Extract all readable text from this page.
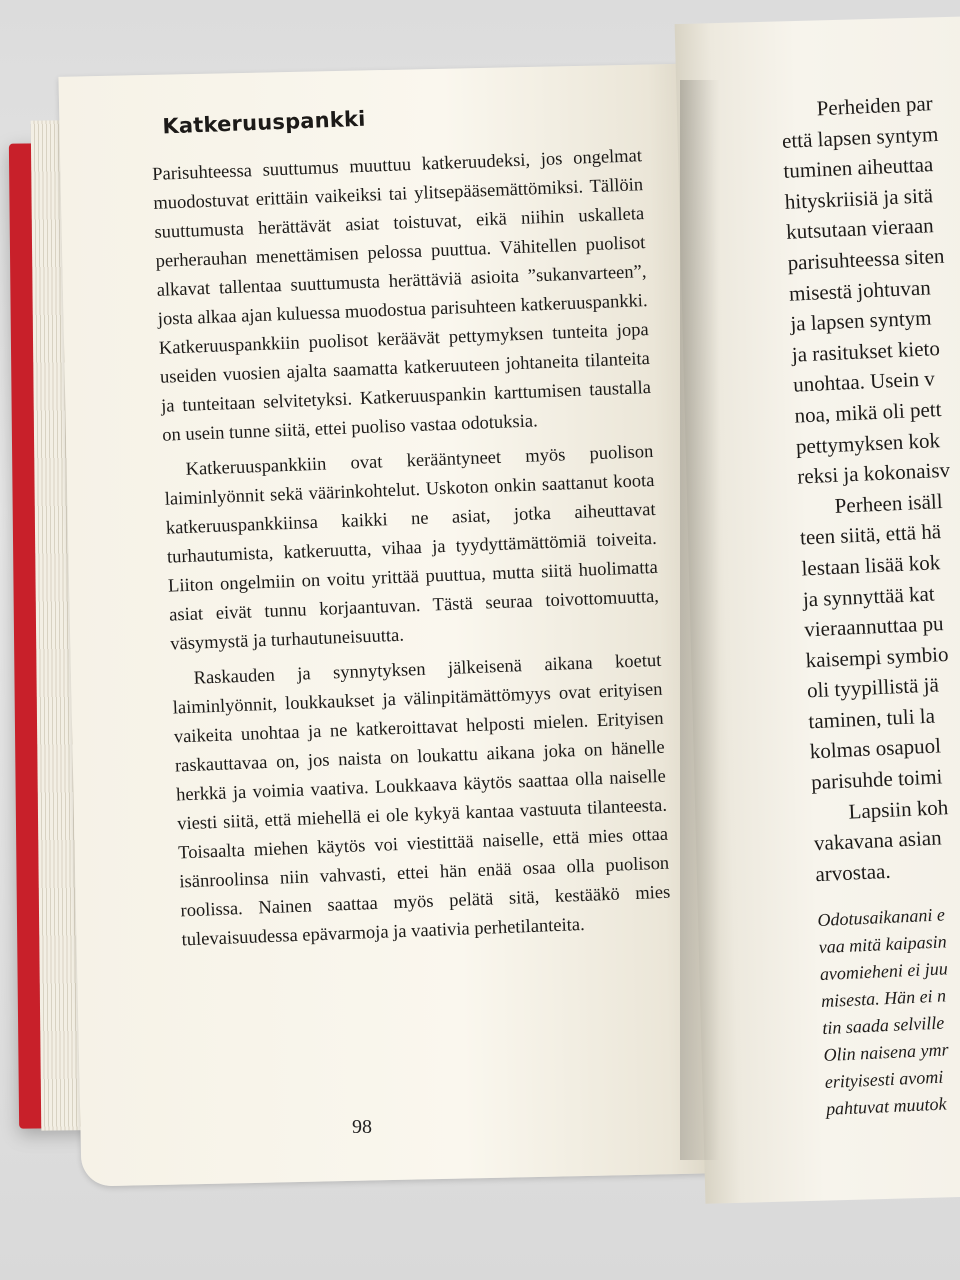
Katkeruuspankki

Parisuhteessa suuttumus muuttuu katkeruudeksi, jos ongelmat muodostuvat erittäin vaikeiksi tai ylitsepääsemättömiksi. Tällöin suuttumusta herättävät asiat toistuvat, eikä niihin uskalleta perherauhan menettämisen pelossa puuttua. Vähitellen puolisot alkavat tallentaa suuttumusta herättäviä asioita ”sukanvarteen”, josta alkaa ajan kuluessa muodostua parisuhteen katkeruuspankki. Katkeruuspankkiin puolisot keräävät pettymyksen tunteita jopa useiden vuosien ajalta saamatta katkeruuteen johtaneita tilanteita ja tunteitaan selvitetyksi. Katkeruuspankin karttumisen taustalla on usein tunne siitä, ettei puoliso vastaa odotuksia.

Katkeruuspankkiin ovat kerääntyneet myös puolison laiminlyönnit sekä väärinkohtelut. Uskoton onkin saattanut koota katkeruuspankkiinsa kaikki ne asiat, jotka aiheuttavat turhautumista, katkeruutta, vihaa ja tyydyttämättömiä toiveita. Liiton ongelmiin on voitu yrittää puuttua, mutta siitä huolimatta asiat eivät tunnu korjaantuvan. Tästä seuraa toivottomuutta, väsymystä ja turhautuneisuutta.

Raskauden ja synnytyksen jälkeisenä aikana koetut laiminlyönnit, loukkaukset ja välinpitämättömyys ovat erityisen vaikeita unohtaa ja ne katkeroittavat helposti mielen. Erityisen raskauttavaa on, jos naista on loukattu aikana joka on hänelle herkkä ja voimia vaativa. Loukkaava käytös saattaa olla naiselle viesti siitä, että miehellä ei ole kykyä kantaa vastuuta tilanteesta. Toisaalta miehen käytös voi viestittää naiselle, että mies ottaa isänroolinsa niin vahvasti, ettei hän enää osaa olla puolison roolissa. Nainen saattaa myös pelätä sitä, kestääkö mies tulevaisuudessa epävarmoja ja vaativia perhetilanteita.

98
Perheiden par
että lapsen syntym
tuminen aiheuttaa
hityskriisiä ja sitä
kutsutaan vieraan
parisuhteessa siten
misestä johtuvan
ja lapsen syntym
ja rasitukset kieto
unohtaa. Usein v
noa, mikä oli pett
pettymyksen kok
reksi ja kokonaisv
Perheen isäll
teen siitä, että hä
lestaan lisää kok
ja synnyttää kat
vieraannuttaa pu
kaisempi symbio
oli tyypillistä jä
taminen, tuli la
kolmas osapuol
parisuhde toimi
Lapsiin koh
vakavana asian
arvostaa.
Odotusaikanani e
vaa mitä kaipasin
avomieheni ei juu
misesta. Hän ei n
tin saada selville
Olin naisena ymr
erityisesti avomi
pahtuvat muutok
